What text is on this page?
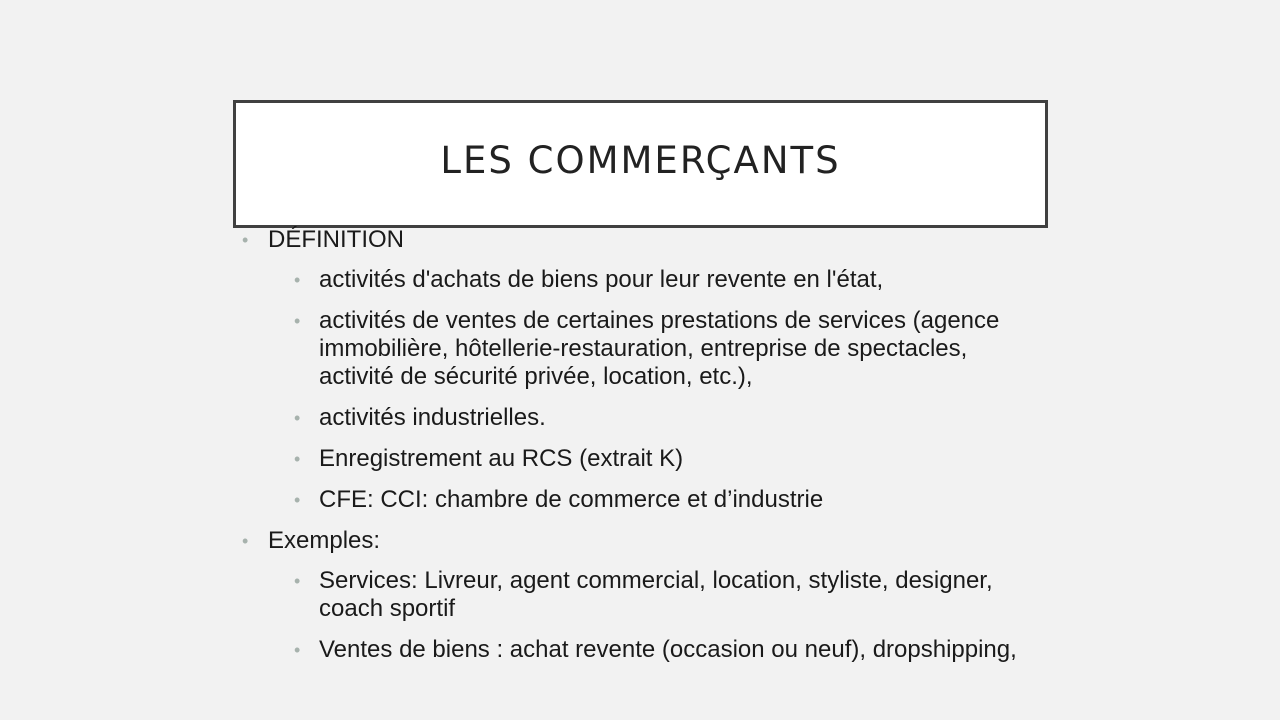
LES COMMERÇANTS
• DÉFINITION
• activités d'achats de biens pour leur revente en l'état,
• activités de ventes de certaines prestations de services (agence immobilière, hôtellerie-restauration, entreprise de spectacles, activité de sécurité privée, location, etc.),
• activités industrielles.
• Enregistrement au RCS (extrait K)
• CFE: CCI: chambre de commerce et d’industrie
• Exemples:
• Services: Livreur, agent commercial, location, styliste, designer, coach sportif
• Ventes de biens : achat revente (occasion ou neuf), dropshipping,
